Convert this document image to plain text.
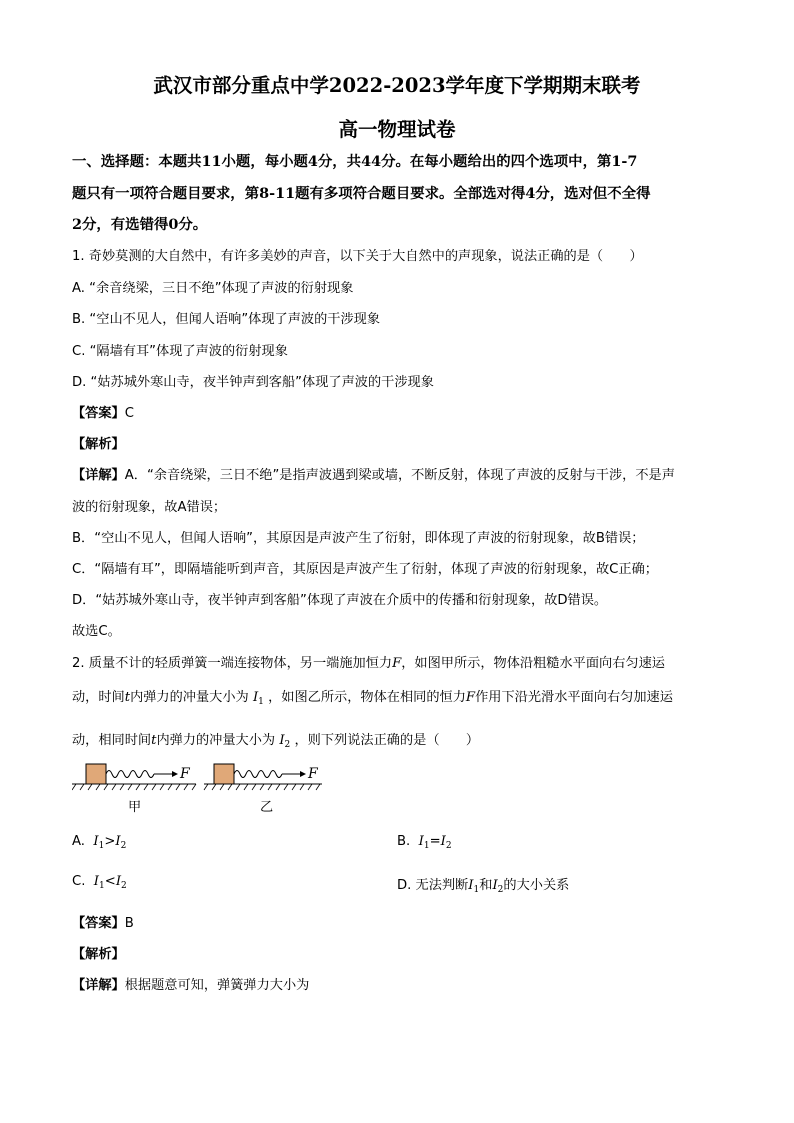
武汉市部分重点中学2022-2023学年度下学期期末联考
高一物理试卷
一、选择题：本题共11小题，每小题4分，共44分。在每小题给出的四个选项中，第1-7
题只有一项符合题目要求，第8-11题有多项符合题目要求。全部选对得4分，选对但不全得
2分，有选错得0分。
1. 奇妙莫测的大自然中，有许多美妙的声音，以下关于大自然中的声现象，说法正确的是（　　）
A. “余音绕梁，三日不绝”体现了声波的衍射现象
B. “空山不见人，但闻人语响”体现了声波的干涉现象
C. “隔墙有耳”体现了声波的衍射现象
D. “姑苏城外寒山寺，夜半钟声到客船”体现了声波的干涉现象
【答案】C
【解析】
【详解】A．“余音绕梁，三日不绝”是指声波遇到梁或墙，不断反射，体现了声波的反射与干涉，不是声
波的衍射现象，故A错误；
B．“空山不见人，但闻人语响”，其原因是声波产生了衍射，即体现了声波的衍射现象，故B错误；
C．“隔墙有耳”，即隔墙能听到声音，其原因是声波产生了衍射，体现了声波的衍射现象，故C正确；
D．“姑苏城外寒山寺，夜半钟声到客船”体现了声波在介质中的传播和衍射现象，故D错误。
故选C。
2. 质量不计的轻质弹簧一端连接物体，另一端施加恒力F，如图甲所示，物体沿粗糙水平面向右匀速运
动，时间t内弹力的冲量大小为 $I_1$ ，如图乙所示，物体在相同的恒力F作用下沿光滑水平面向右匀加速运
动，相同时间t内弹力的冲量大小为 $I_2$ ，则下列说法正确的是（　　）
F
甲
F
乙
A. $I_1>I_2$	B. $I_1=I_2$
C. $I_1<I_2$	D. 无法判断$I_1$和$I_2$的大小关系
【答案】B
【解析】
【详解】根据题意可知，弹簧弹力大小为
